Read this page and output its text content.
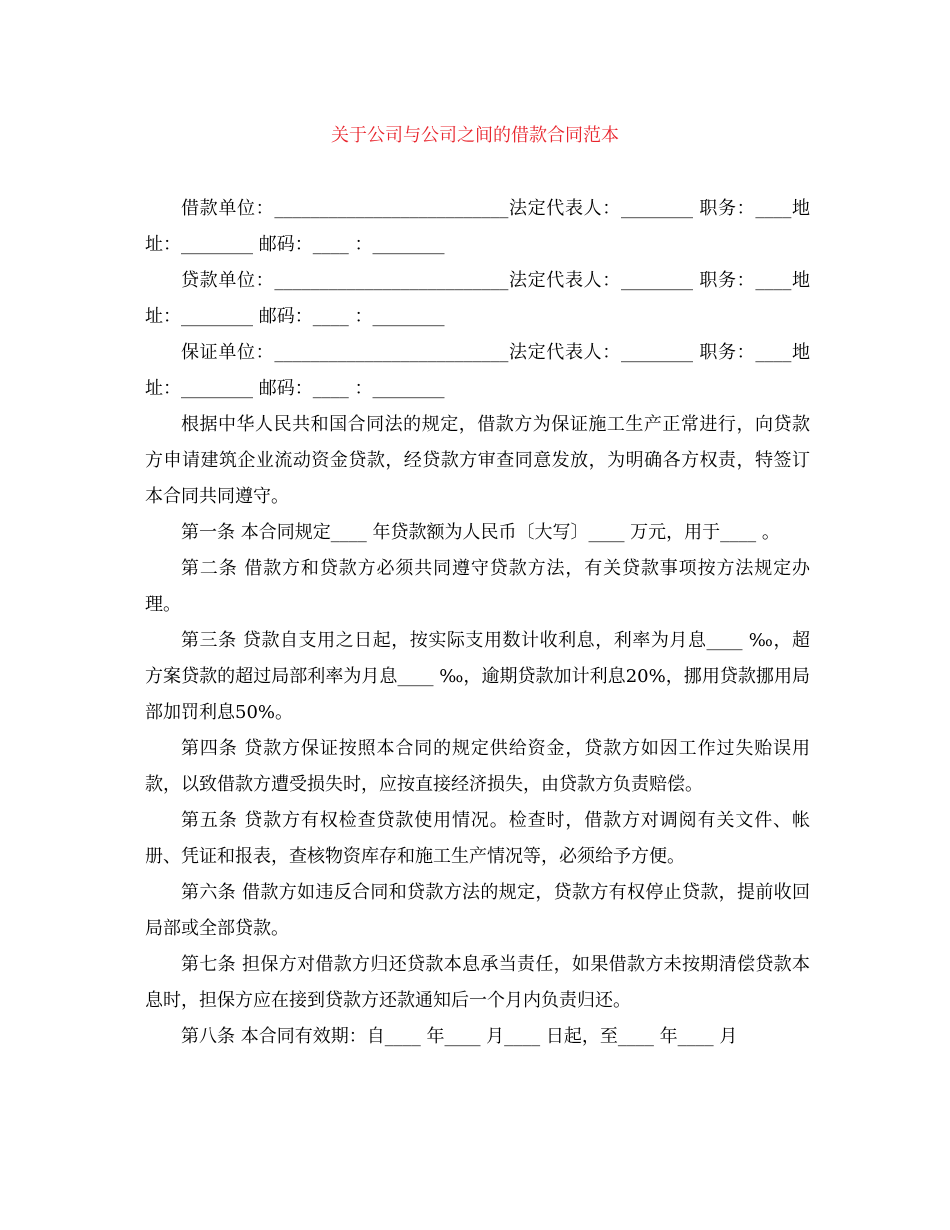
关于公司与公司之间的借款合同范本

借款单位：__________________________法定代表人：________ 职务：____地址：________ 邮码：____ ：________

贷款单位：__________________________法定代表人：________ 职务：____地址：________ 邮码：____ ：________

保证单位：__________________________法定代表人：________ 职务：____地址：________ 邮码：____ ：________

根据中华人民共和国合同法的规定，借款方为保证施工生产正常进行，向贷款方申请建筑企业流动资金贷款，经贷款方审查同意发放，为明确各方权责，特签订本合同共同遵守。

第一条 本合同规定____ 年贷款额为人民币〔大写〕____ 万元，用于____ 。

第二条 借款方和贷款方必须共同遵守贷款方法，有关贷款事项按方法规定办理。

第三条 贷款自支用之日起，按实际支用数计收利息，利率为月息____ ‰，超方案贷款的超过局部利率为月息____ ‰，逾期贷款加计利息20%，挪用贷款挪用局部加罚利息50%。

第四条 贷款方保证按照本合同的规定供给资金，贷款方如因工作过失贻误用款，以致借款方遭受损失时，应按直接经济损失，由贷款方负责赔偿。

第五条 贷款方有权检查贷款使用情况。检查时，借款方对调阅有关文件、帐册、凭证和报表，查核物资库存和施工生产情况等，必须给予方便。

第六条 借款方如违反合同和贷款方法的规定，贷款方有权停止贷款，提前收回局部或全部贷款。

第七条 担保方对借款方归还贷款本息承当责任，如果借款方未按期清偿贷款本息时，担保方应在接到贷款方还款通知后一个月内负责归还。

第八条 本合同有效期：自____ 年____ 月____ 日起，至____ 年____ 月
